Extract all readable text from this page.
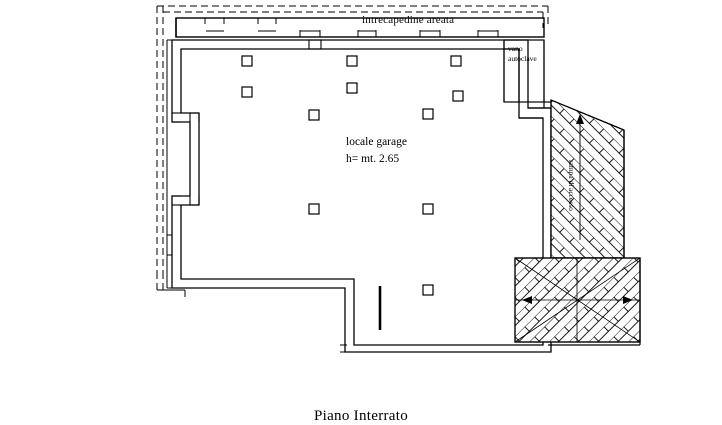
intrecapedine areata
vano
autoclave
locale garage
h= mt. 2.65
rampa di accesso
Piano Interrato
